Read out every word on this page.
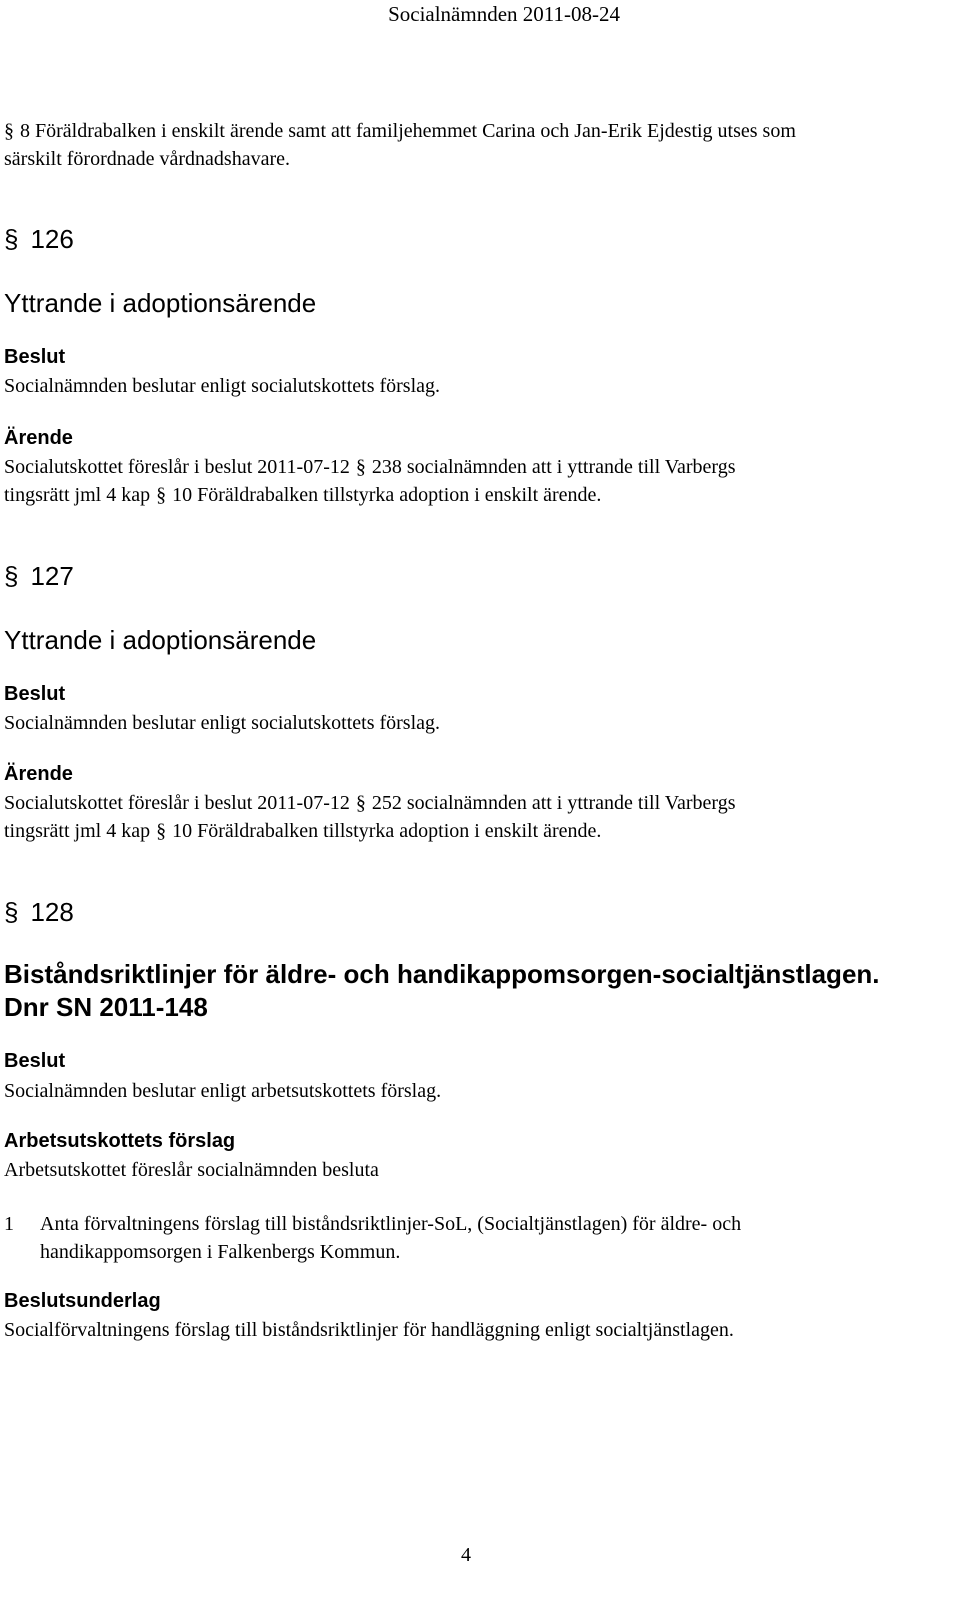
Socialnämnden 2011-08-24
§ 8 Föräldrabalken i enskilt ärende samt att familjehemmet Carina och Jan-Erik Ejdestig utses som
särskilt förordnade vårdnadshavare.
§ 126
Yttrande i adoptionsärende
Beslut
Socialnämnden beslutar enligt socialutskottets förslag.
Ärende
Socialutskottet föreslår i beslut 2011-07-12 § 238 socialnämnden att i yttrande till Varbergs
tingsrätt jml 4 kap § 10 Föräldrabalken tillstyrka adoption i enskilt ärende.
§ 127
Yttrande i adoptionsärende
Beslut
Socialnämnden beslutar enligt socialutskottets förslag.
Ärende
Socialutskottet föreslår i beslut 2011-07-12 § 252 socialnämnden att i yttrande till Varbergs
tingsrätt jml 4 kap § 10 Föräldrabalken tillstyrka adoption i enskilt ärende.
§ 128
Biståndsriktlinjer för äldre- och handikappomsorgen-socialtjänstlagen.
Dnr SN 2011-148
Beslut
Socialnämnden beslutar enligt arbetsutskottets förslag.
Arbetsutskottets förslag
Arbetsutskottet föreslår socialnämnden besluta
1 Anta förvaltningens förslag till biståndsriktlinjer-SoL, (Socialtjänstlagen) för äldre- och
handikappomsorgen i Falkenbergs Kommun.
Beslutsunderlag
Socialförvaltningens förslag till biståndsriktlinjer för handläggning enligt socialtjänstlagen.
4
